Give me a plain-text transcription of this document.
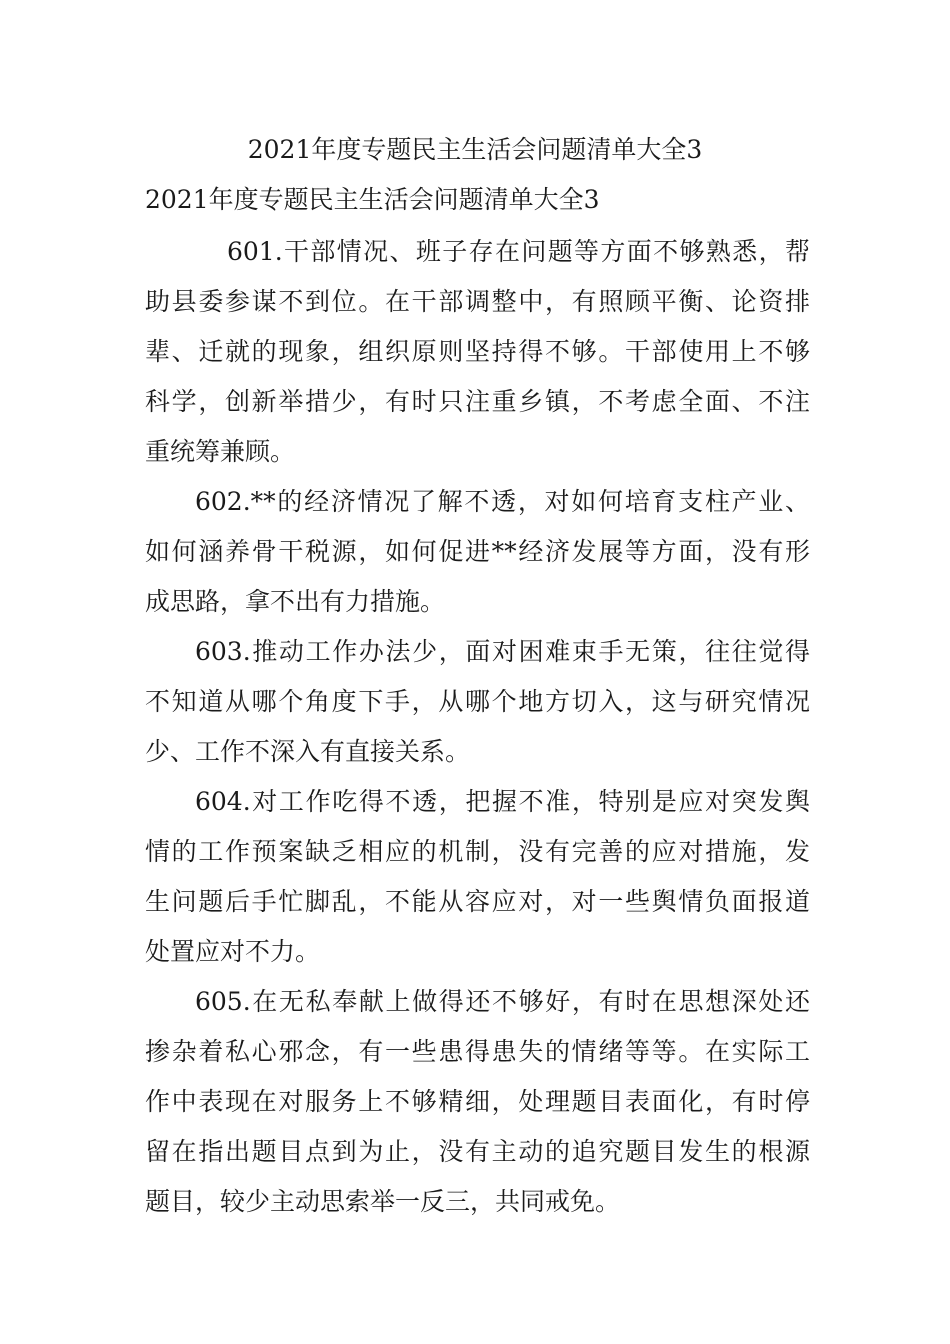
2021年度专题民主生活会问题清单大全3
2021年度专题民主生活会问题清单大全3

601.干部情况、班子存在问题等方面不够熟悉，帮
助县委参谋不到位。在干部调整中，有照顾平衡、论资排
辈、迁就的现象，组织原则坚持得不够。干部使用上不够
科学，创新举措少，有时只注重乡镇，不考虑全面、不注
重统筹兼顾。

602.**的经济情况了解不透，对如何培育支柱产业、
如何涵养骨干税源，如何促进**经济发展等方面，没有形
成思路，拿不出有力措施。

603.推动工作办法少，面对困难束手无策，往往觉得
不知道从哪个角度下手，从哪个地方切入，这与研究情况
少、工作不深入有直接关系。

604.对工作吃得不透，把握不准，特别是应对突发舆
情的工作预案缺乏相应的机制，没有完善的应对措施，发
生问题后手忙脚乱，不能从容应对，对一些舆情负面报道
处置应对不力。

605.在无私奉献上做得还不够好，有时在思想深处还
掺杂着私心邪念，有一些患得患失的情绪等等。在实际工
作中表现在对服务上不够精细，处理题目表面化，有时停
留在指出题目点到为止，没有主动的追究题目发生的根源
题目，较少主动思索举一反三，共同戒免。
